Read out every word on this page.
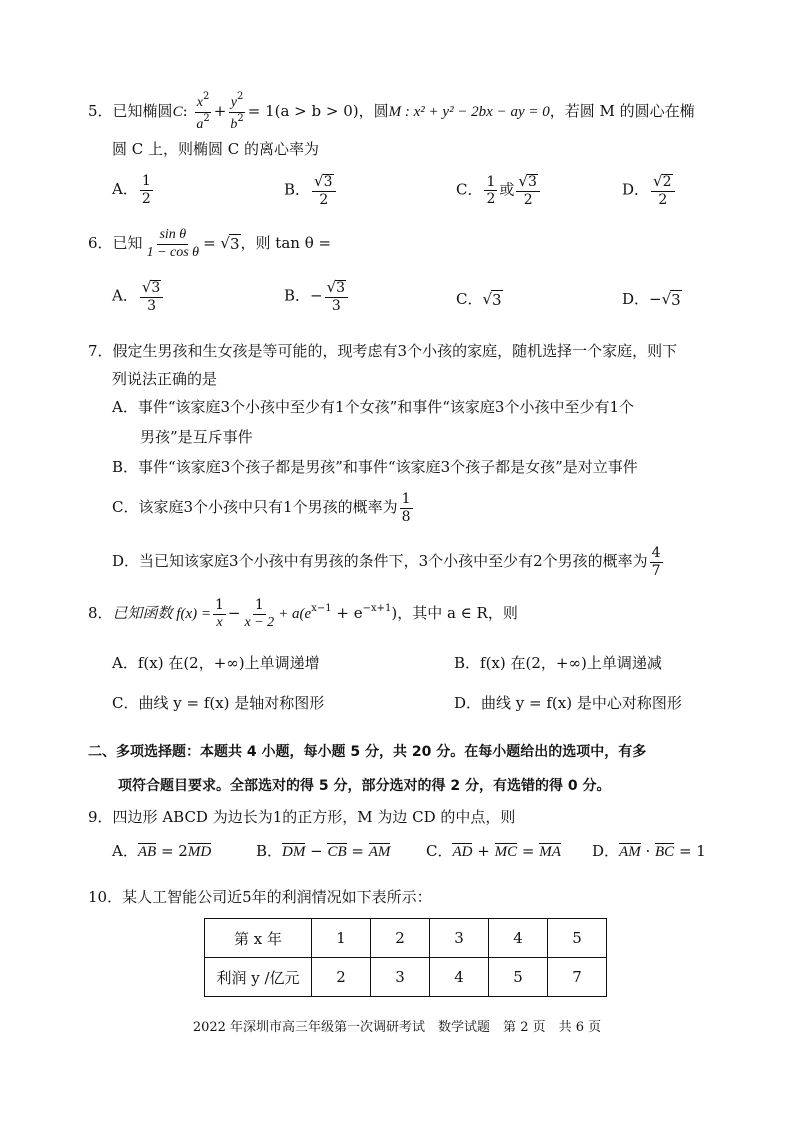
5．已知椭圆C: $\frac{x^2}{a^2} + \frac{y^2}{b^2} = 1(a > b > 0)$，圆M : x² + y² − 2bx − ay = 0，若圆 M 的圆心在椭
圆 C 上，则椭圆 C 的离心率为
A． $\frac{1}{2}$	B． $\frac{√ 3}{2}$	C． $\frac{1}{2}$ 或 $\frac{√ 3}{2}$	D． $\frac{√ 2}{2}$
6．已知 $\frac{\text{sin θ}}{\text{1 − cos θ}}$ = √ 3 ，则 tan θ =
A． $\frac{√ 3}{3}$	B．− $\frac{√ 3}{3}$	C． √ 3	D．− √ 3
7．假定生男孩和生女孩是等可能的，现考虑有3个小孩的家庭，随机选择一个家庭，则下
列说法正确的是
A．事件“该家庭3个小孩中至少有1个女孩”和事件“该家庭3个小孩中至少有1个
男孩”是互斥事件
B．事件“该家庭3个孩子都是男孩”和事件“该家庭3个孩子都是女孩”是对立事件
C．该家庭3个小孩中只有1个男孩的概率为 $\frac{1}{8}$
D．当已知该家庭3个小孩中有男孩的条件下，3个小孩中至少有2个男孩的概率为 $\frac{4}{7}$
8．已知函数 $f(x) = \frac{1}{x} - \frac{1}{x - 2} + a(e^{x-1} + e^{-x+1})$，其中 a ∈ R，则
A．f(x) 在(2，+∞)上单调递增	B．f(x) 在(2，+∞)上单调递减
C．曲线 y = f(x) 是轴对称图形	D．曲线 y = f(x) 是中心对称图形
二、多项选择题：本题共 4 小题，每小题 5 分，共 20 分。在每小题给出的选项中，有多
项符合题目要求。全部选对的得 5 分，部分选对的得 2 分，有选错的得 0 分。
9．四边形 ABCD 为边长为1的正方形，M 为边 CD 的中点，则
A．AB = 2MD	B．DM − CB = AM C．AD + MC = MA D．AM · BC = 1
10．某人工智能公司近5年的利润情况如下表所示：
第 x 年	1	2	3	4	5
利润 y /亿元	2	3	4	5	7
2022 年深圳市高三年级第一次调研考试　数学试题　第 2 页　共 6 页
